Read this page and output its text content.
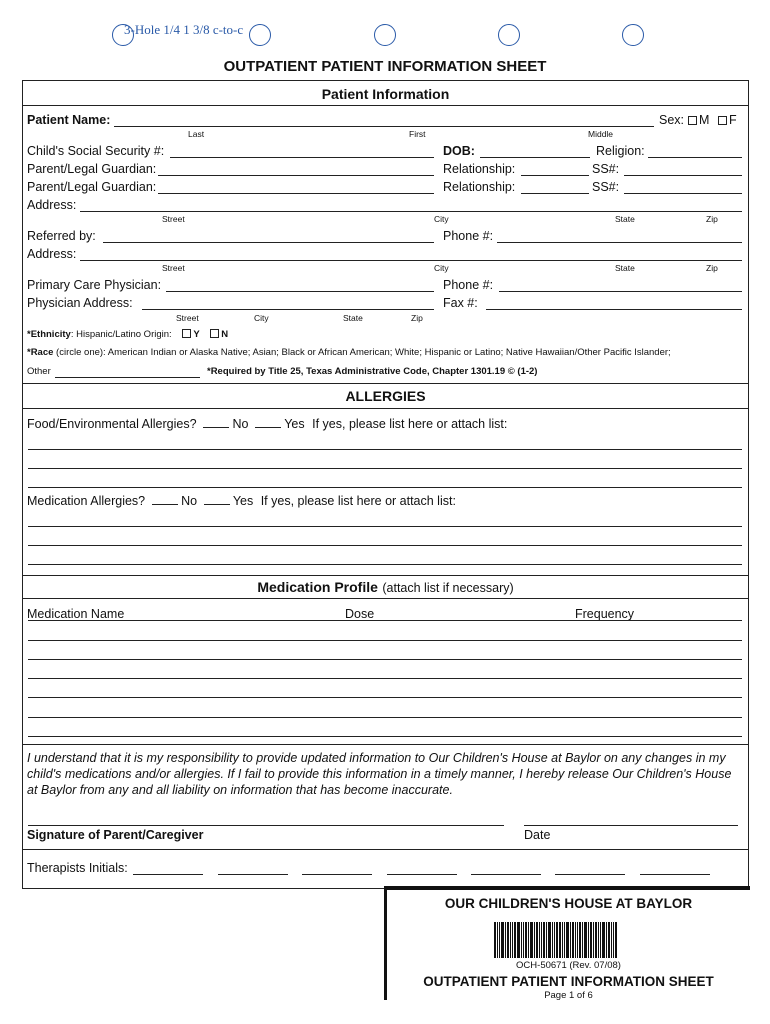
3-Hole 1/4 1 3/8 c-to-c
OUTPATIENT PATIENT INFORMATION SHEET
Patient Information
Patient Name:	Sex:	M	F
Last	First	Middle
Child's Social Security #:	DOB:	Religion:
Parent/Legal Guardian:	Relationship:	SS#:
Parent/Legal Guardian:	Relationship:	SS#:
Address:
Street	City	State	Zip
Referred by:	Phone #:
Address:
Street	City	State	Zip
Primary Care Physician:	Phone #:
Physician Address:	Fax #:
Street	City	State	Zip
*Ethnicity: Hispanic/Latino Origin: Y N
*Race (circle one): American Indian or Alaska Native; Asian; Black or African American; White; Hispanic or Latino; Native Hawaiian/Other Pacific Islander;
Other	*Required by Title 25, Texas Administrative Code, Chapter 1301.19 © (1-2)
ALLERGIES
Food/Environmental Allergies?	No	Yes If yes, please list here or attach list:
Medication Allergies?	No	Yes If yes, please list here or attach list:
Medication Profile (attach list if necessary)
Medication Name	Dose	Frequency
I understand that it is my responsibility to provide updated information to Our Children's House at Baylor on any changes in my child's medications and/or allergies. If I fail to provide this information in a timely manner, I hereby release Our Children's House at Baylor from any and all liability on information that has become inaccurate.
Signature of Parent/Caregiver	Date
Therapists Initials:
OUR CHILDREN'S HOUSE AT BAYLOR
OCH-50671 (Rev. 07/08)
OUTPATIENT PATIENT INFORMATION SHEET
Page 1 of 6
